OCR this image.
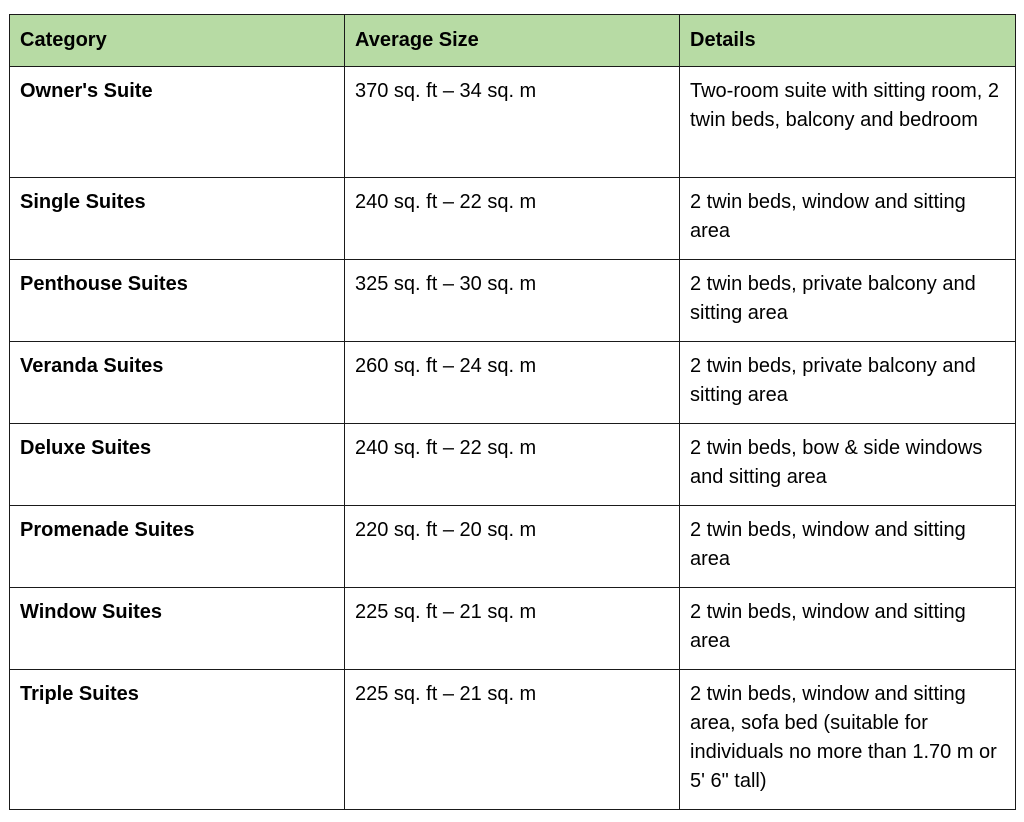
Category	Average Size	Details
Owner's Suite	370 sq. ft – 34 sq. m	Two-room suite with sitting room, 2 twin beds, balcony and bedroom
Single Suites	240 sq. ft – 22 sq. m	2 twin beds, window and sitting area
Penthouse Suites	325 sq. ft – 30 sq. m	2 twin beds, private balcony and sitting area
Veranda Suites	260 sq. ft – 24 sq. m	2 twin beds, private balcony and sitting area
Deluxe Suites	240 sq. ft – 22 sq. m	2 twin beds, bow & side windows and sitting area
Promenade Suites	220 sq. ft – 20 sq. m	2 twin beds, window and sitting area
Window Suites	225 sq. ft – 21 sq. m	2 twin beds, window and sitting area
Triple Suites	225 sq. ft – 21 sq. m	2 twin beds, window and sitting area, sofa bed (suitable for individuals no more than 1.70 m or 5' 6" tall)
